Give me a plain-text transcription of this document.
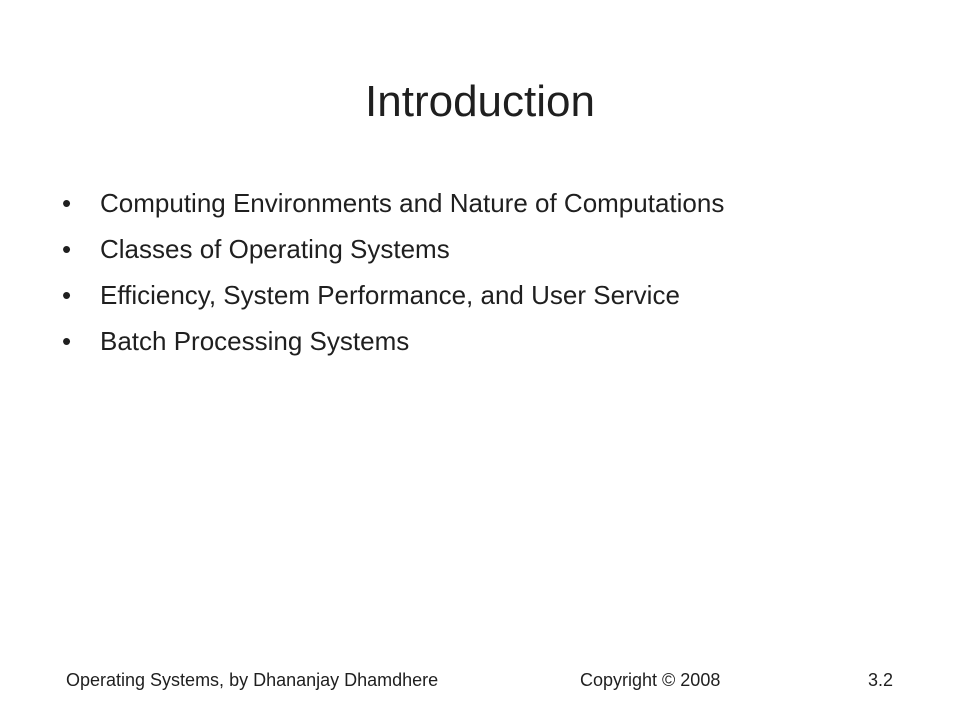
Introduction
•	Computing Environments and Nature of Computations
•	Classes of Operating Systems
•	Efficiency, System Performance, and User Service
•	Batch Processing Systems
Operating Systems, by Dhananjay Dhamdhere	Copyright © 2008	3.2
